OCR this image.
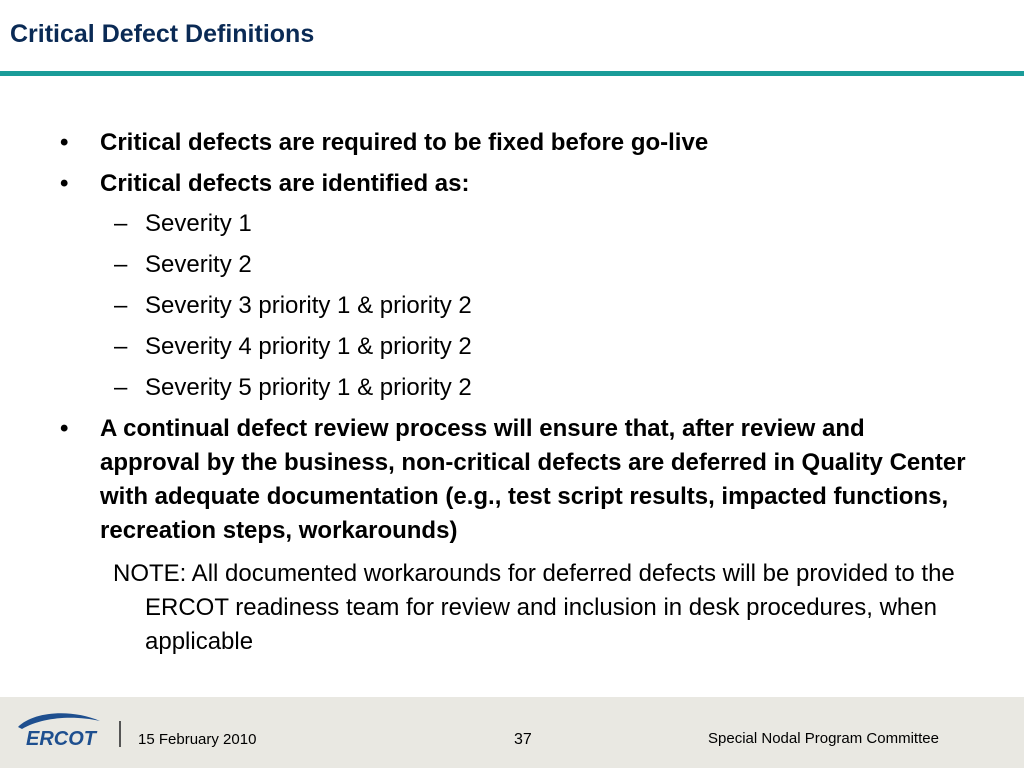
Critical Defect Definitions
• Critical defects are required to be fixed before go-live
• Critical defects are identified as:
– Severity 1
– Severity 2
– Severity 3 priority 1 & priority 2
– Severity 4 priority 1 & priority 2
– Severity 5 priority 1 & priority 2
• A continual defect review process will ensure that, after review and approval by the business, non-critical defects are deferred in Quality Center with adequate documentation (e.g., test script results, impacted functions, recreation steps, workarounds)
NOTE: All documented workarounds for deferred defects will be provided to the ERCOT readiness team for review and inclusion in desk procedures, when applicable
ERCOT	15 February 2010	37	Special Nodal Program Committee
